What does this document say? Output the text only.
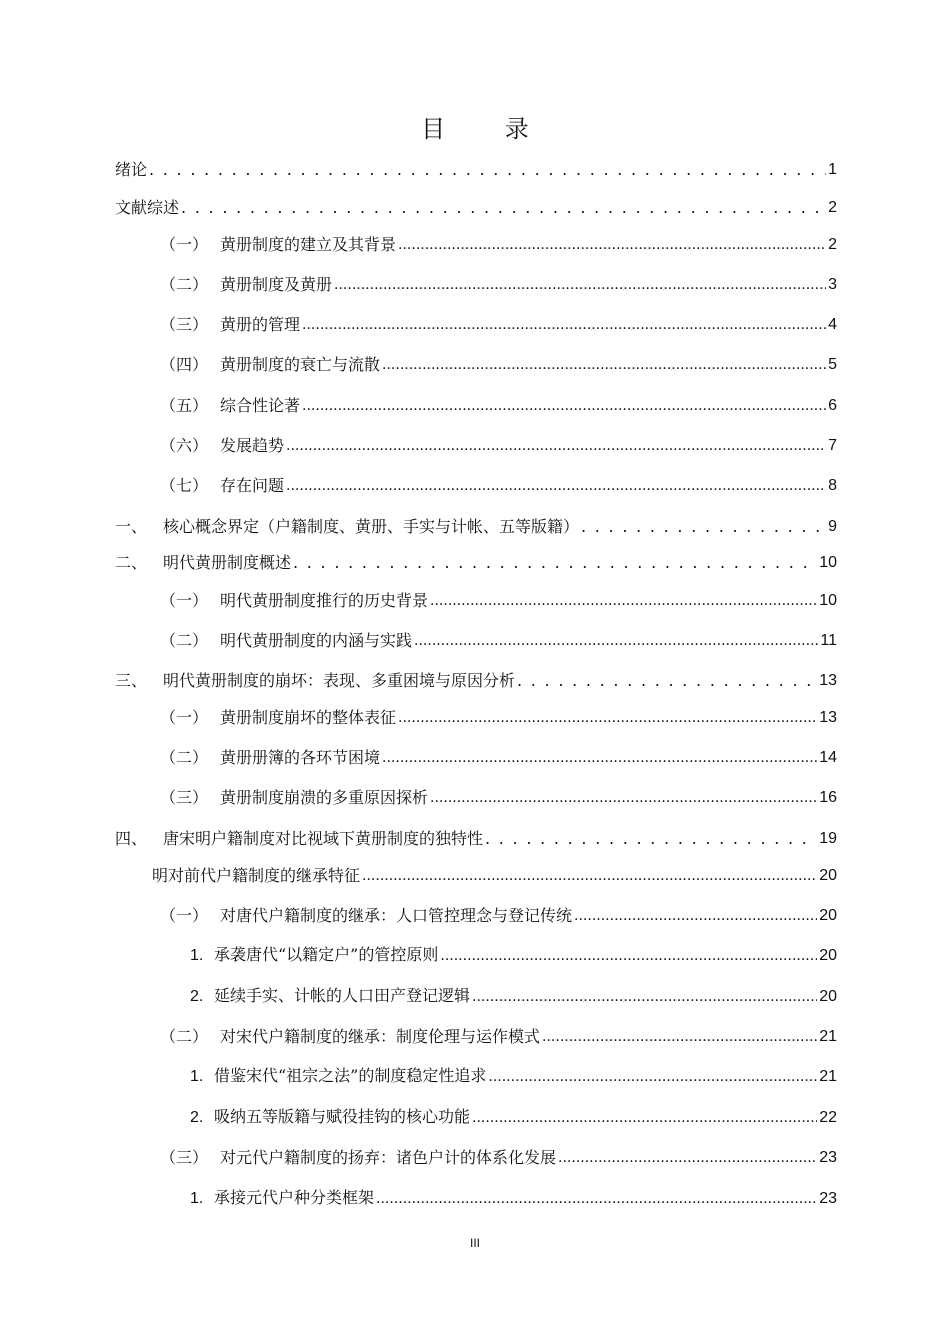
目 录
绪论 . . .	1
文献综述 . . .	2
（一） 黄册制度的建立及其背景 .....	2
（二） 黄册制度及黄册 .....	3
（三） 黄册的管理 .....	4
（四） 黄册制度的衰亡与流散 .....	5
（五） 综合性论著 .....	6
（六） 发展趋势 .....	7
（七） 存在问题 .....	8
一、 核心概念界定（户籍制度、黄册、手实与计帐、五等版籍） . . .	9
二、 明代黄册制度概述 . . .	10
（一） 明代黄册制度推行的历史背景 .....	10
（二） 明代黄册制度的内涵与实践 .....	11
三、 明代黄册制度的崩坏：表现、多重困境与原因分析 . . .	13
（一） 黄册制度崩坏的整体表征 .....	13
（二） 黄册册簿的各环节困境 .....	14
（三） 黄册制度崩溃的多重原因探析 .....	16
四、 唐宋明户籍制度对比视域下黄册制度的独特性 . . .	19
明对前代户籍制度的继承特征 .....	20
（一） 对唐代户籍制度的继承：人口管控理念与登记传统 .....	20
1. 承袭唐代“以籍定户”的管控原则 .....	20
2. 延续手实、计帐的人口田产登记逻辑 .....	20
（二） 对宋代户籍制度的继承：制度伦理与运作模式 .....	21
1. 借鉴宋代“祖宗之法”的制度稳定性追求 .....	21
2. 吸纳五等版籍与赋役挂钩的核心功能 .....	22
（三） 对元代户籍制度的扬弃：诸色户计的体系化发展 .....	23
1. 承接元代户种分类框架 .....	23
III
